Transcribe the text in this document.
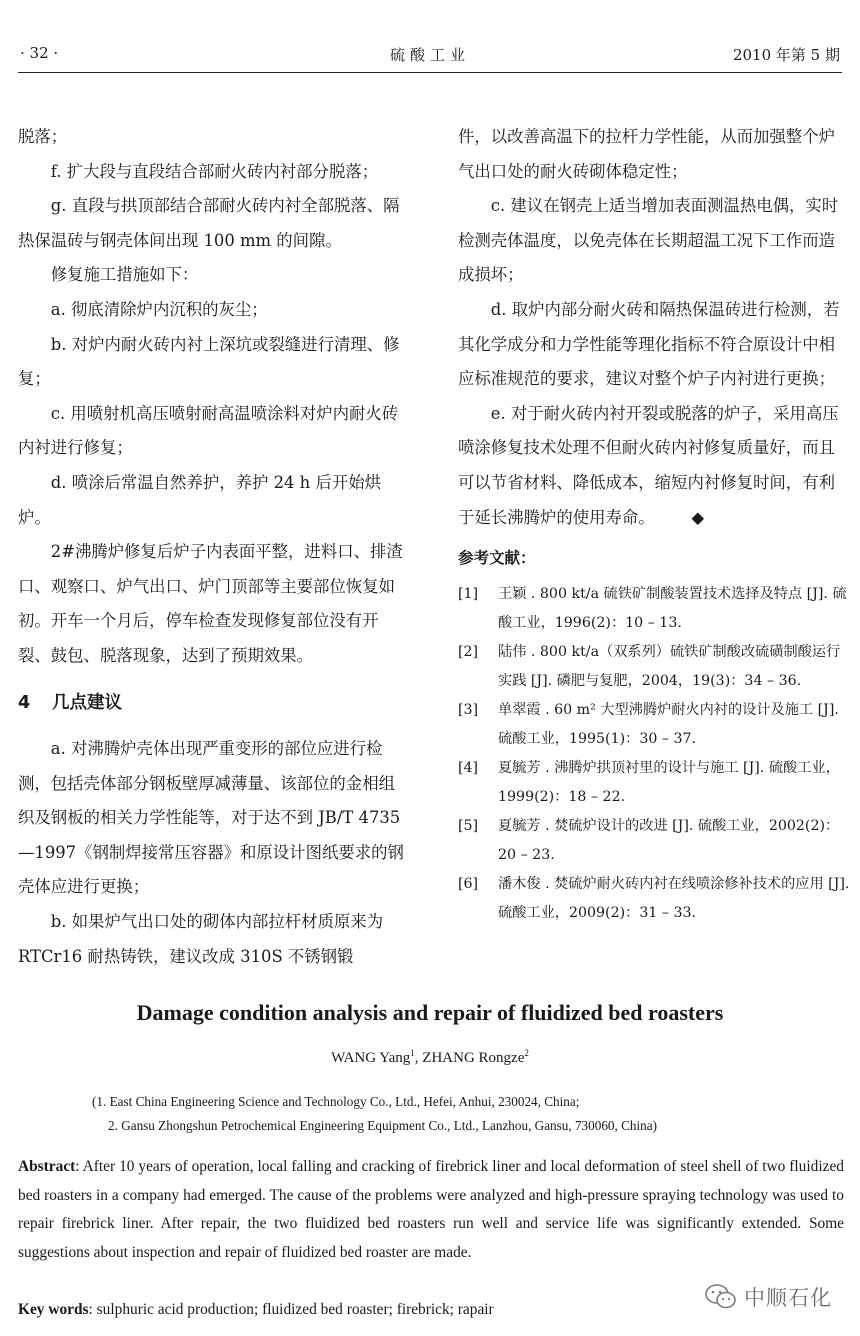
· 32 ·	硫酸工业	2010 年第 5 期

脱落；

f. 扩大段与直段结合部耐火砖内衬部分脱落；

g. 直段与拱顶部结合部耐火砖内衬全部脱落、隔热保温砖与钢壳体间出现 100 mm 的间隙。

修复施工措施如下：

a. 彻底清除炉内沉积的灰尘；

b. 对炉内耐火砖内衬上深坑或裂缝进行清理、修复；

c. 用喷射机高压喷射耐高温喷涂料对炉内耐火砖内衬进行修复；

d. 喷涂后常温自然养护，养护 24 h 后开始烘炉。

2#沸腾炉修复后炉子内表面平整，进料口、排渣口、观察口、炉气出口、炉门顶部等主要部位恢复如初。开车一个月后，停车检查发现修复部位没有开裂、鼓包、脱落现象，达到了预期效果。

4 几点建议

a. 对沸腾炉壳体出现严重变形的部位应进行检测，包括壳体部分钢板壁厚减薄量、该部位的金相组织及钢板的相关力学性能等，对于达不到 JB/T 4735—1997《钢制焊接常压容器》和原设计图纸要求的钢壳体应进行更换；

b. 如果炉气出口处的砌体内部拉杆材质原来为 RTCr16 耐热铸铁，建议改成 310S 不锈钢锻

件，以改善高温下的拉杆力学性能，从而加强整个炉气出口处的耐火砖砌体稳定性；

c. 建议在钢壳上适当增加表面测温热电偶，实时检测壳体温度，以免壳体在长期超温工况下工作而造成损坏；

d. 取炉内部分耐火砖和隔热保温砖进行检测，若其化学成分和力学性能等理化指标不符合原设计中相应标准规范的要求，建议对整个炉子内衬进行更换；

e. 对于耐火砖内衬开裂或脱落的炉子，采用高压喷涂修复技术处理不但耐火砖内衬修复质量好，而且可以节省材料、降低成本，缩短内衬修复时间，有利于延长沸腾炉的使用寿命。 ◆

参考文献：

[1]	王颖 . 800 kt/a 硫铁矿制酸装置技术选择及特点 [J]. 硫酸工业，1996(2)：10 – 13.
[2]	陆伟 . 800 kt/a（双系列）硫铁矿制酸改硫磺制酸运行实践 [J]. 磷肥与复肥，2004，19(3)：34 – 36.
[3]	单翠霞 . 60 m² 大型沸腾炉耐火内衬的设计及施工 [J]. 硫酸工业，1995(1)：30 – 37.
[4]	夏毓芳 . 沸腾炉拱顶衬里的设计与施工 [J]. 硫酸工业，1999(2)：18 – 22.
[5]	夏毓芳 . 焚硫炉设计的改进 [J]. 硫酸工业，2002(2)：20 – 23.
[6]	潘木俊 . 焚硫炉耐火砖内衬在线喷涂修补技术的应用 [J]. 硫酸工业，2009(2)：31 – 33.
Damage condition analysis and repair of fluidized bed roasters
WANG Yang$^1$, ZHANG Rongze$^2$

(1. East China Engineering Science and Technology Co., Ltd., Hefei, Anhui, 230024, China;

2. Gansu Zhongshun Petrochemical Engineering Equipment Co., Ltd., Lanzhou, Gansu, 730060, China)

Abstract: After 10 years of operation, local falling and cracking of firebrick liner and local deformation of steel shell of two fluidized bed roasters in a company had emerged. The cause of the problems were analyzed and high-pressure spraying technology was used to repair firebrick liner. After repair, the two fluidized bed roasters run well and service life was significantly extended. Some suggestions about inspection and repair of fluidized bed roaster are made.
Key words: sulphuric acid production; fluidized bed roaster; firebrick; rapair	中顺石化
